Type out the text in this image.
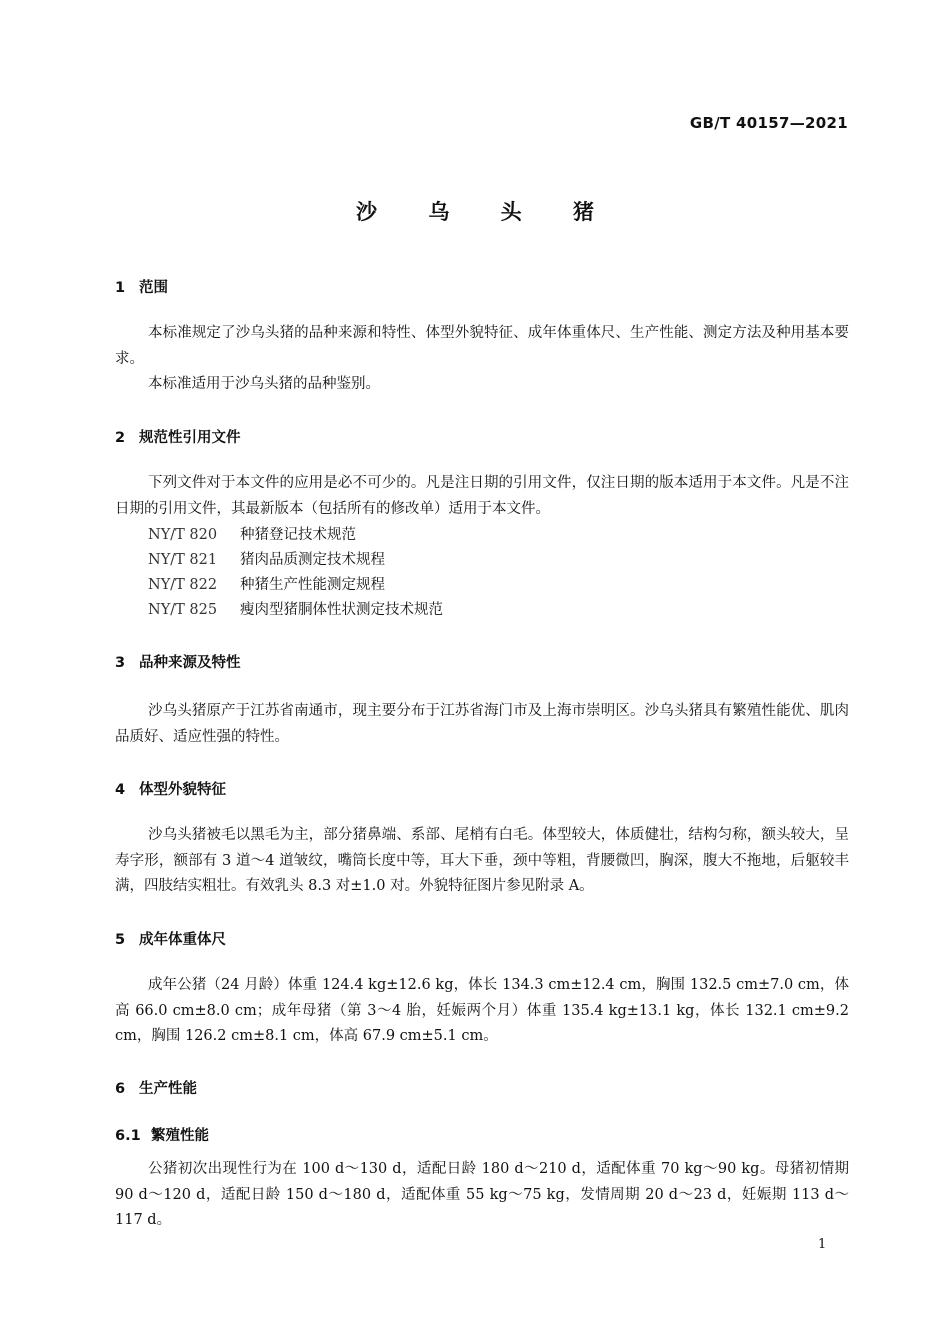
GB/T 40157—2021
沙 乌 头 猪
1 范围
本标准规定了沙乌头猪的品种来源和特性、体型外貌特征、成年体重体尺、生产性能、测定方法及种用基本要求。
本标准适用于沙乌头猪的品种鉴别。
2 规范性引用文件
下列文件对于本文件的应用是必不可少的。凡是注日期的引用文件，仅注日期的版本适用于本文件。凡是不注日期的引用文件，其最新版本（包括所有的修改单）适用于本文件。
NY/T 820 种猪登记技术规范
NY/T 821 猪肉品质测定技术规程
NY/T 822 种猪生产性能测定规程
NY/T 825 瘦肉型猪胴体性状测定技术规范
3 品种来源及特性
沙乌头猪原产于江苏省南通市，现主要分布于江苏省海门市及上海市崇明区。沙乌头猪具有繁殖性能优、肌肉品质好、适应性强的特性。
4 体型外貌特征
沙乌头猪被毛以黑毛为主，部分猪鼻端、系部、尾梢有白毛。体型较大，体质健壮，结构匀称，额头较大，呈寿字形，额部有 3 道～4 道皱纹，嘴筒长度中等，耳大下垂，颈中等粗，背腰微凹，胸深，腹大不拖地，后躯较丰满，四肢结实粗壮。有效乳头 8.3 对±1.0 对。外貌特征图片参见附录 A。
5 成年体重体尺
成年公猪（24 月龄）体重 124.4 kg±12.6 kg，体长 134.3 cm±12.4 cm，胸围 132.5 cm±7.0 cm，体高 66.0 cm±8.0 cm；成年母猪（第 3～4 胎，妊娠两个月）体重 135.4 kg±13.1 kg，体长 132.1 cm±9.2 cm，胸围 126.2 cm±8.1 cm，体高 67.9 cm±5.1 cm。
6 生产性能
6.1 繁殖性能
公猪初次出现性行为在 100 d～130 d，适配日龄 180 d～210 d，适配体重 70 kg～90 kg。母猪初情期 90 d～120 d，适配日龄 150 d～180 d，适配体重 55 kg～75 kg，发情周期 20 d～23 d，妊娠期 113 d～117 d。
1
